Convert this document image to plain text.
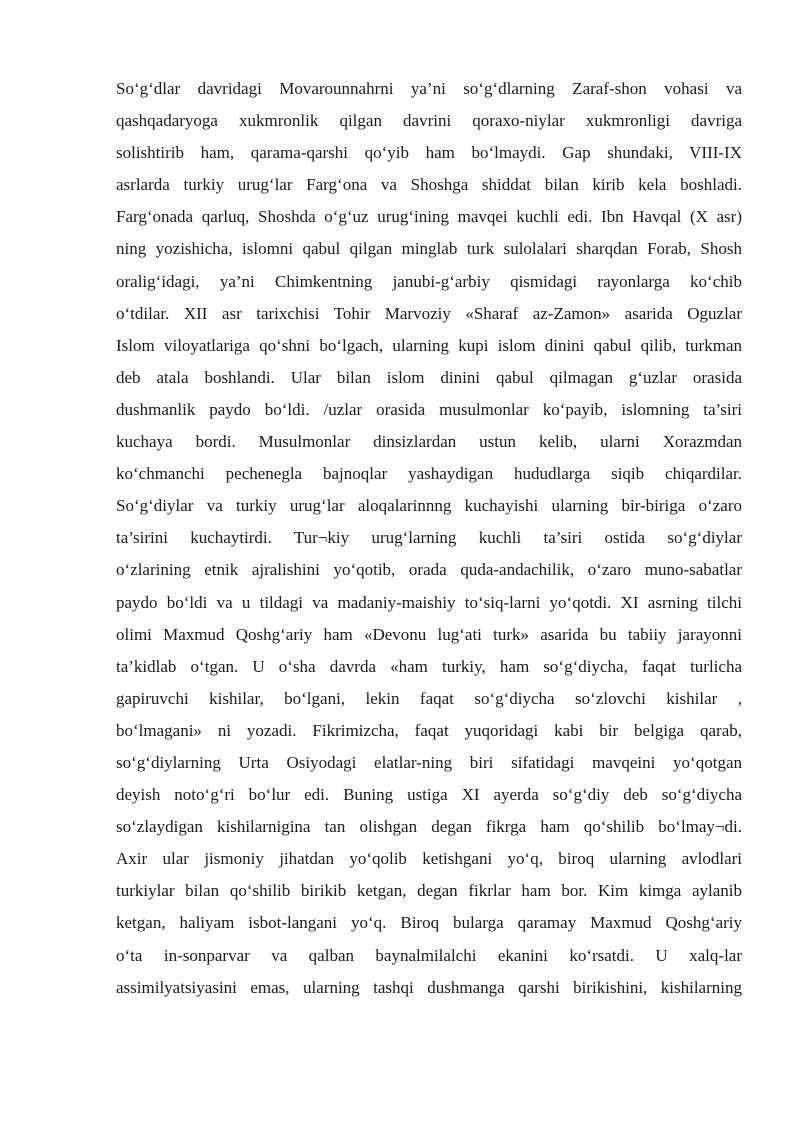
So‘g‘dlar davridagi Movarounnahrni ya’ni so‘g‘dlarning Zaraf-shon vohasi va
qashqadaryoga xukmronlik qilgan davrini qoraxo-niylar xukmronligi davriga
solishtirib ham, qarama-qarshi qo‘yib ham bo‘lmaydi. Gap shundaki, VIII-IX
asrlarda turkiy urug‘lar Farg‘ona va Shoshga shiddat bilan kirib kela boshladi.
Farg‘onada qarluq, Shoshda o‘g‘uz urug‘ining mavqei kuchli edi. Ibn Havqal (X asr)
ning yozishicha, islomni qabul qilgan minglab turk sulolalari sharqdan Forab, Shosh
oralig‘idagi, ya’ni Chimkentning janubi-g‘arbiy qismidagi rayonlarga ko‘chib
o‘tdilar. XII asr tarixchisi Tohir Marvoziy «Sharaf az-Zamon» asarida Oguzlar
Islom viloyatlariga qo‘shni bo‘lgach, ularning kupi islom dinini qabul qilib, turkman
deb atala boshlandi. Ular bilan islom dinini qabul qilmagan g‘uzlar orasida
dushmanlik paydo bo‘ldi. /uzlar orasida musulmonlar ko‘payib, islomning ta’siri
kuchaya bordi. Musulmonlar dinsizlardan ustun kelib, ularni Xorazmdan
ko‘chmanchi pechenegla bajnoqlar yashaydigan hududlarga siqib chiqardilar.
So‘g‘diylar va turkiy urug‘lar aloqalarinnng kuchayishi ularning bir-biriga o‘zaro
ta’sirini kuchaytirdi. Tur¬kiy urug‘larning kuchli ta’siri ostida so‘g‘diylar
o‘zlarining etnik ajralishini yo‘qotib, orada quda-andachilik, o‘zaro muno-sabatlar
paydo bo‘ldi va u tildagi va madaniy-maishiy to‘siq-larni yo‘qotdi. XI asrning tilchi
olimi Maxmud Qoshg‘ariy ham «Devonu lug‘ati turk» asarida bu tabiiy jarayonni
ta’kidlab o‘tgan. U o‘sha davrda «ham turkiy, ham so‘g‘diycha, faqat turlicha
gapiruvchi kishilar, bo‘lgani, lekin faqat so‘g‘diycha so‘zlovchi kishilar ,
bo‘lmagani» ni yozadi. Fikrimizcha, faqat yuqoridagi kabi bir belgiga qarab,
so‘g‘diylarning Urta Osiyodagi elatlar-ning biri sifatidagi mavqeini yo‘qotgan
deyish noto‘g‘ri bo‘lur edi. Buning ustiga XI ayerda so‘g‘diy deb so‘g‘diycha
so‘zlaydigan kishilarnigina tan olishgan degan fikrga ham qo‘shilib bo‘lmay¬di.
Axir ular jismoniy jihatdan yo‘qolib ketishgani yo‘q, biroq ularning avlodlari
turkiylar bilan qo‘shilib birikib ketgan, degan fikrlar ham bor. Kim kimga aylanib
ketgan, haliyam isbot-langani yo‘q. Biroq bularga qaramay Maxmud Qoshg‘ariy
o‘ta in-sonparvar va qalban baynalmilalchi ekanini ko‘rsatdi. U xalq-lar
assimilyatsiyasini emas, ularning tashqi dushmanga qarshi birikishini, kishilarning
